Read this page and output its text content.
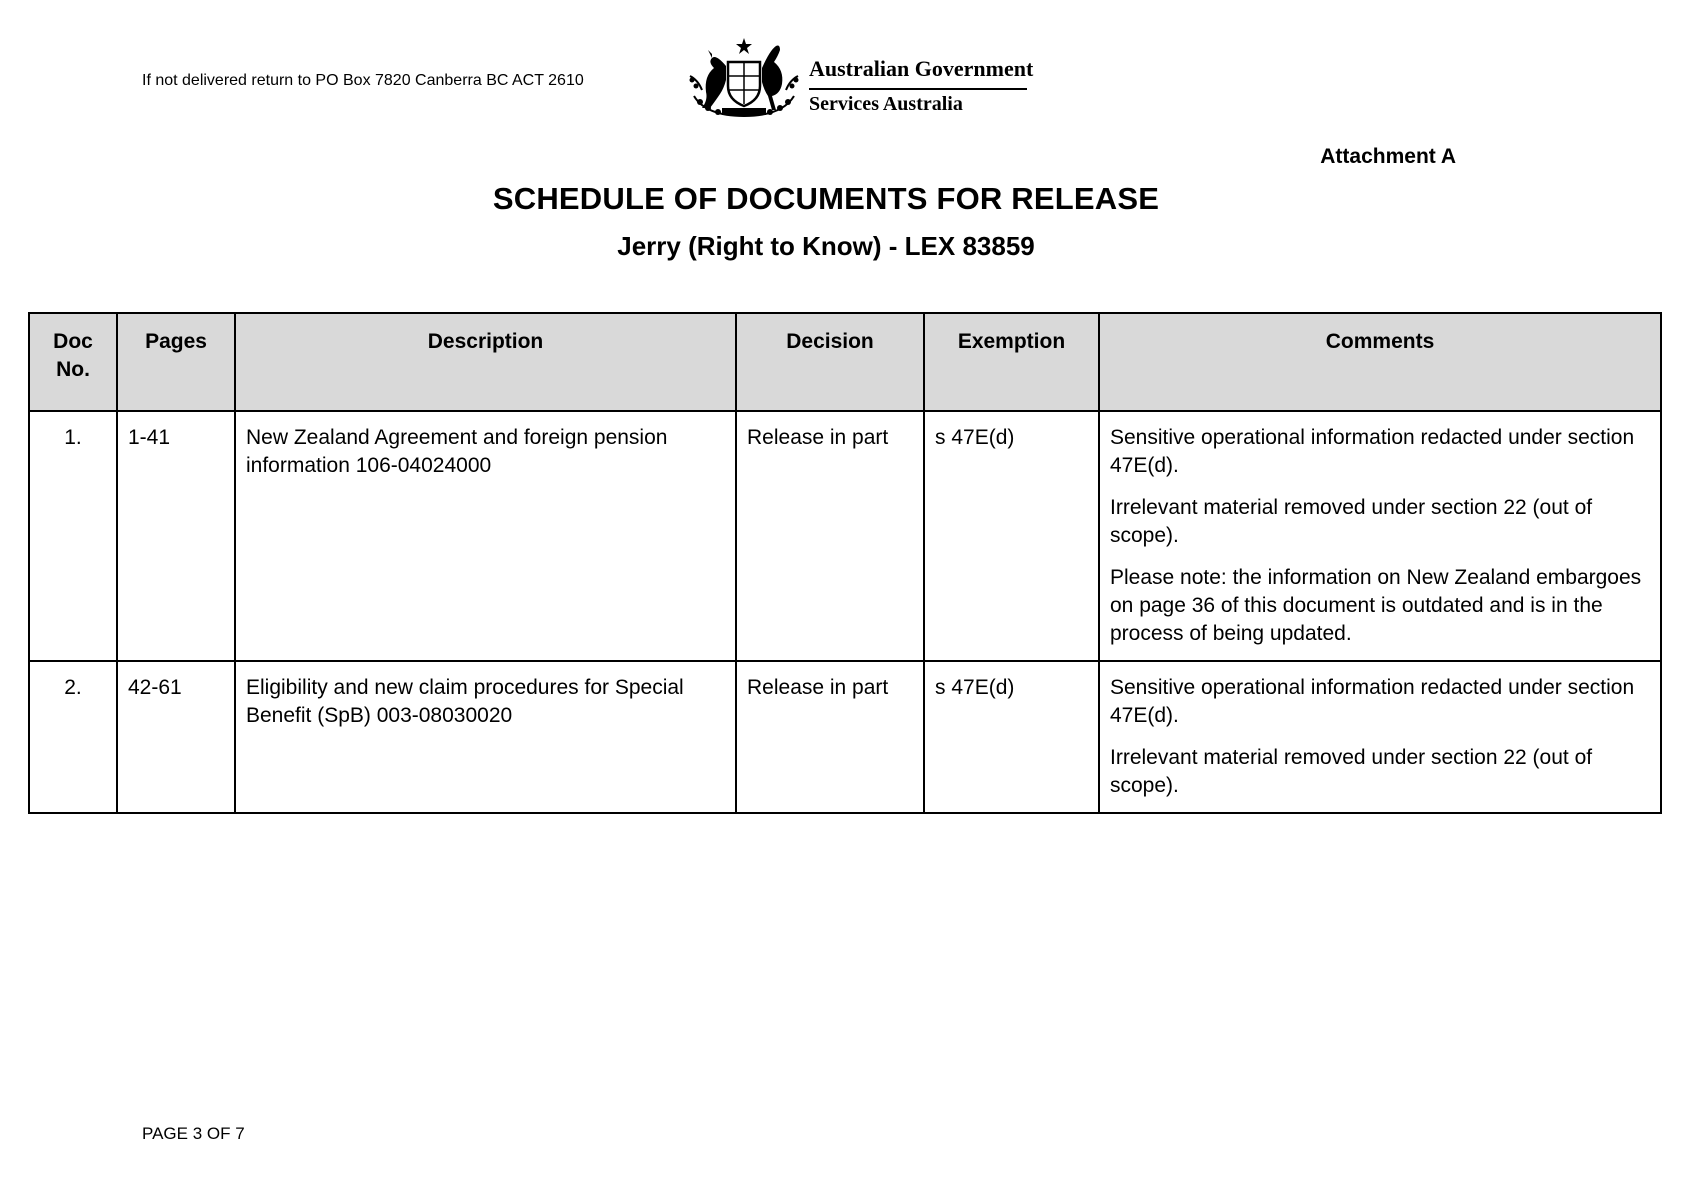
If not delivered return to PO Box 7820 Canberra BC ACT 2610	Australian Government
Services Australia
Attachment A
SCHEDULE OF DOCUMENTS FOR RELEASE
Jerry (Right to Know) - LEX 83859
Doc No.	Pages	Description	Decision	Exemption	Comments
1.	1-41	New Zealand Agreement and foreign pension information 106-04024000	Release in part	s 47E(d)	Sensitive operational information redacted under section 47E(d).

Irrelevant material removed under section 22 (out of scope).

Please note: the information on New Zealand embargoes on page 36 of this document is outdated and is in the process of being updated.

2.	42-61	Eligibility and new claim procedures for Special Benefit (SpB) 003-08030020	Release in part	s 47E(d)	Sensitive operational information redacted under section 47E(d).

Irrelevant material removed under section 22 (out of scope).

PAGE 3 OF 7
